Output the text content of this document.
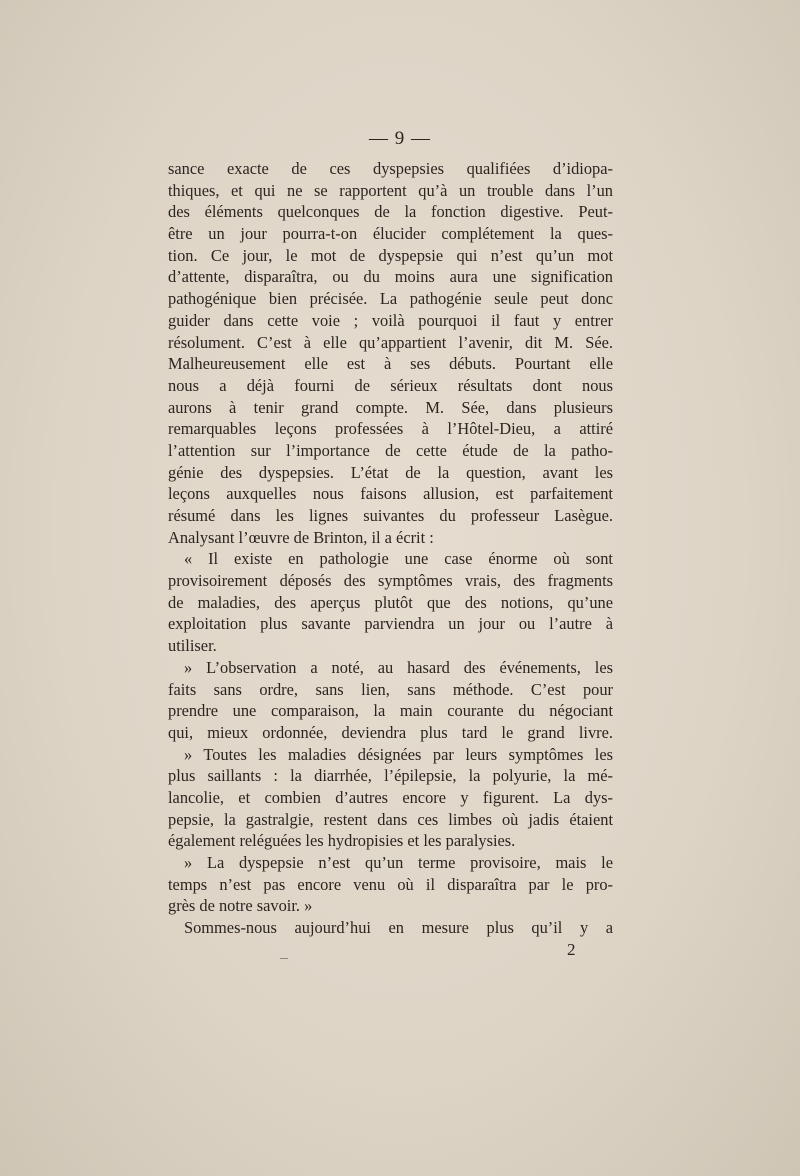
— 9 —
sance exacte de ces dyspepsies qualifiées d’idiopa-
thiques, et qui ne se rapportent qu’à un trouble dans l’un
des éléments quelconques de la fonction digestive. Peut-
être un jour pourra-t-on élucider complétement la ques-
tion. Ce jour, le mot de dyspepsie qui n’est qu’un mot
d’attente, disparaîtra, ou du moins aura une signification
pathogénique bien précisée. La pathogénie seule peut donc
guider dans cette voie ; voilà pourquoi il faut y entrer
résolument. C’est à elle qu’appartient l’avenir, dit M. Sée.
Malheureusement elle est à ses débuts. Pourtant elle
nous a déjà fourni de sérieux résultats dont nous
aurons à tenir grand compte. M. Sée, dans plusieurs
remarquables leçons professées à l’Hôtel-Dieu, a attiré
l’attention sur l’importance de cette étude de la patho-
génie des dyspepsies. L’état de la question, avant les
leçons auxquelles nous faisons allusion, est parfaitement
résumé dans les lignes suivantes du professeur Lasègue.
Analysant l’œuvre de Brinton, il a écrit :
« Il existe en pathologie une case énorme où sont
provisoirement déposés des symptômes vrais, des fragments
de maladies, des aperçus plutôt que des notions, qu’une
exploitation plus savante parviendra un jour ou l’autre à
utiliser.
» L’observation a noté, au hasard des événements, les
faits sans ordre, sans lien, sans méthode. C’est pour
prendre une comparaison, la main courante du négociant
qui, mieux ordonnée, deviendra plus tard le grand livre.
» Toutes les maladies désignées par leurs symptômes les
plus saillants : la diarrhée, l’épilepsie, la polyurie, la mé-
lancolie, et combien d’autres encore y figurent. La dys-
pepsie, la gastralgie, restent dans ces limbes où jadis étaient
également reléguées les hydropisies et les paralysies.
» La dyspepsie n’est qu’un terme provisoire, mais le
temps n’est pas encore venu où il disparaîtra par le pro-
grès de notre savoir. »
Sommes-nous aujourd’hui en mesure plus qu’il y a
2
